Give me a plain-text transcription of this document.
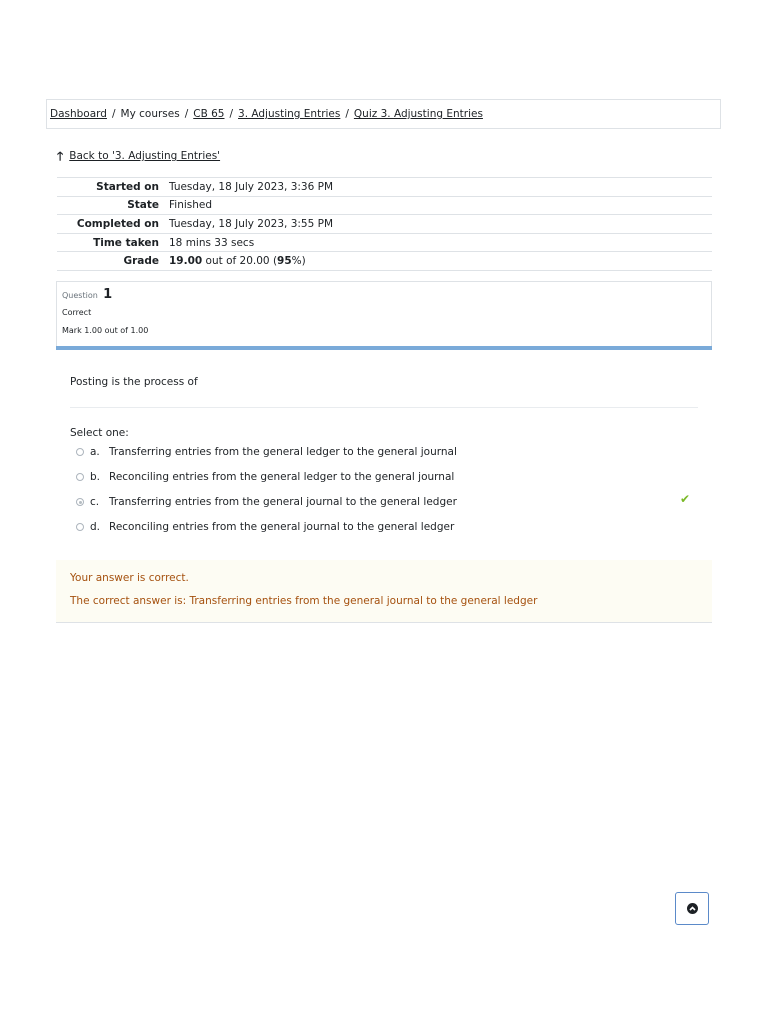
Dashboard / My courses / CB 65 / 3. Adjusting Entries / Quiz 3. Adjusting Entries
🡑 Back to '3. Adjusting Entries'
Started on	Tuesday, 18 July 2023, 3:36 PM
State	Finished
Completed on	Tuesday, 18 July 2023, 3:55 PM
Time taken	18 mins 33 secs
Grade	19.00 out of 20.00 (95%)
Question 1
Correct
Mark 1.00 out of 1.00
Posting is the process of
Select one:
a. Transferring entries from the general ledger to the general journal
b. Reconciling entries from the general ledger to the general journal
c. Transferring entries from the general journal to the general ledger
d. Reconciling entries from the general journal to the general ledger
✔
Your answer is correct.
The correct answer is: Transferring entries from the general journal to the general ledger
